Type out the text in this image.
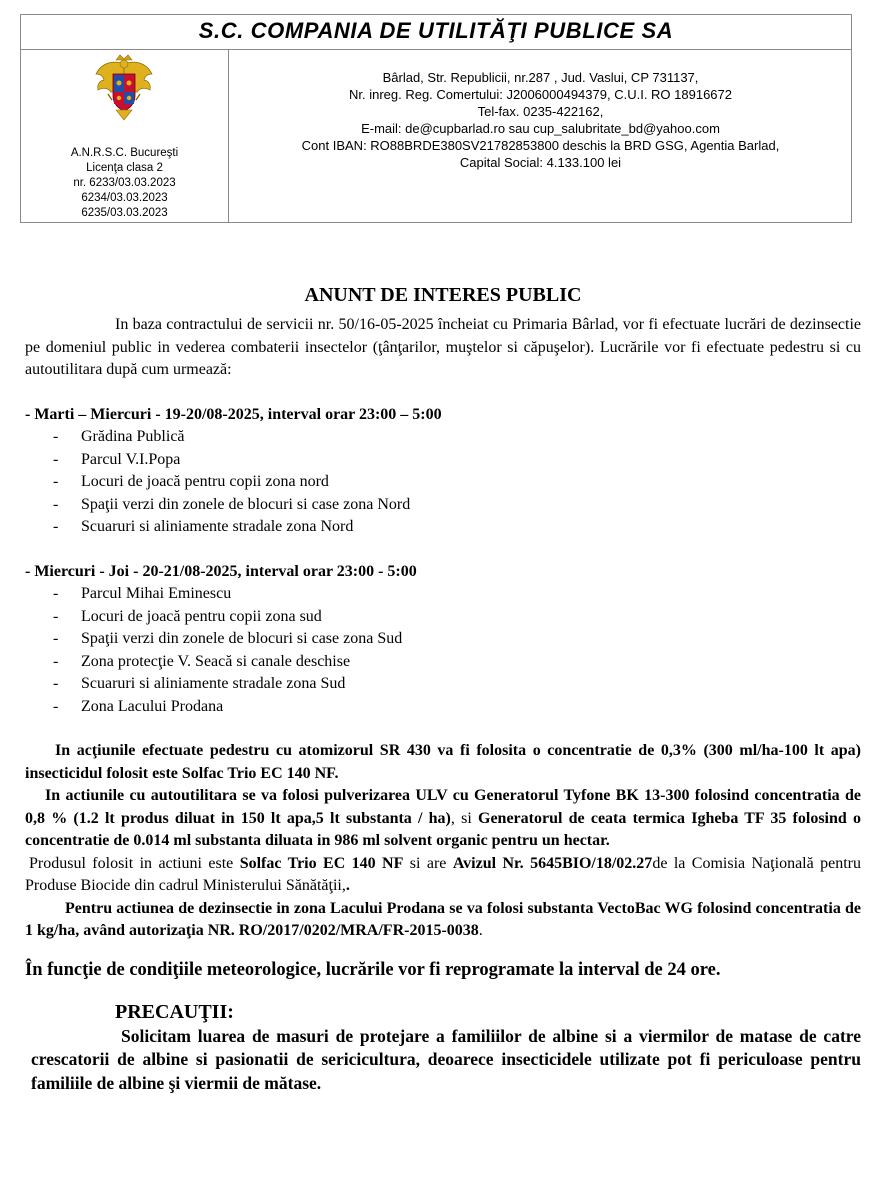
S.C. COMPANIA DE UTILITĂŢI PUBLICE SA
A.N.R.S.C. Bucureşti
Licenţa clasa 2
nr. 6233/03.03.2023
6234/03.03.2023
6235/03.03.2023
Bârlad, Str. Republicii, nr.287 , Jud. Vaslui, CP 731137,
Nr. inreg. Reg. Comertului: J2006000494379, C.U.I. RO 18916672
Tel-fax. 0235-422162,
E-mail: de@cupbarlad.ro sau cup_salubritate_bd@yahoo.com
Cont IBAN: RO88BRDE380SV21782853800 deschis la BRD GSG, Agentia Barlad,
Capital Social: 4.133.100 lei
ANUNT DE INTERES PUBLIC

In baza contractului de servicii nr. 50/16-05-2025 încheiat cu Primaria Bârlad, vor fi efectuate lucrări de dezinsectie pe domeniul public in vederea combaterii insectelor (ţânţarilor, muştelor si căpuşelor). Lucrările vor fi efectuate pedestru si cu autoutilitara după cum urmează:

- Marti – Miercuri - 19-20/08-2025, interval orar 23:00 – 5:00
- Grădina Publică
- Parcul V.I.Popa
- Locuri de joacă pentru copii zona nord
- Spaţii verzi din zonele de blocuri si case zona Nord
- Scuaruri si aliniamente stradale zona Nord
- Miercuri - Joi - 20-21/08-2025, interval orar 23:00 - 5:00
- Parcul Mihai Eminescu
- Locuri de joacă pentru copii zona sud
- Spaţii verzi din zonele de blocuri si case zona Sud
- Zona protecţie V. Seacă si canale deschise
- Scuaruri si aliniamente stradale zona Sud
- Zona Lacului Prodana

In acţiunile efectuate pedestru cu atomizorul SR 430 va fi folosita o concentratie de 0,3% (300 ml/ha-100 lt apa) insecticidul folosit este Solfac Trio EC 140 NF.

In actiunile cu autoutilitara se va folosi pulverizarea ULV cu Generatorul Tyfone BK 13-300 folosind concentratia de 0,8 % (1.2 lt produs diluat in 150 lt apa,5 lt substanta / ha), si Generatorul de ceata termica Igheba TF 35 folosind o concentratie de 0.014 ml substanta diluata in 986 ml solvent organic pentru un hectar.

Produsul folosit in actiuni este Solfac Trio EC 140 NF si are Avizul Nr. 5645BIO/18/02.27de la Comisia Naţională pentru Produse Biocide din cadrul Ministerului Sănătăţii,.

Pentru actiunea de dezinsectie in zona Lacului Prodana se va folosi substanta VectoBac WG folosind concentratia de 1 kg/ha, având autorizaţia NR. RO/2017/0202/MRA/FR-2015-0038.

În funcţie de condiţiile meteorologice, lucrările vor fi reprogramate la interval de 24 ore.

PRECAUŢII:

Solicitam luarea de masuri de protejare a familiilor de albine si a viermilor de matase de catre crescatorii de albine si pasionatii de sericicultura, deoarece insecticidele utilizate pot fi periculoase pentru familiile de albine şi viermii de mătase.
